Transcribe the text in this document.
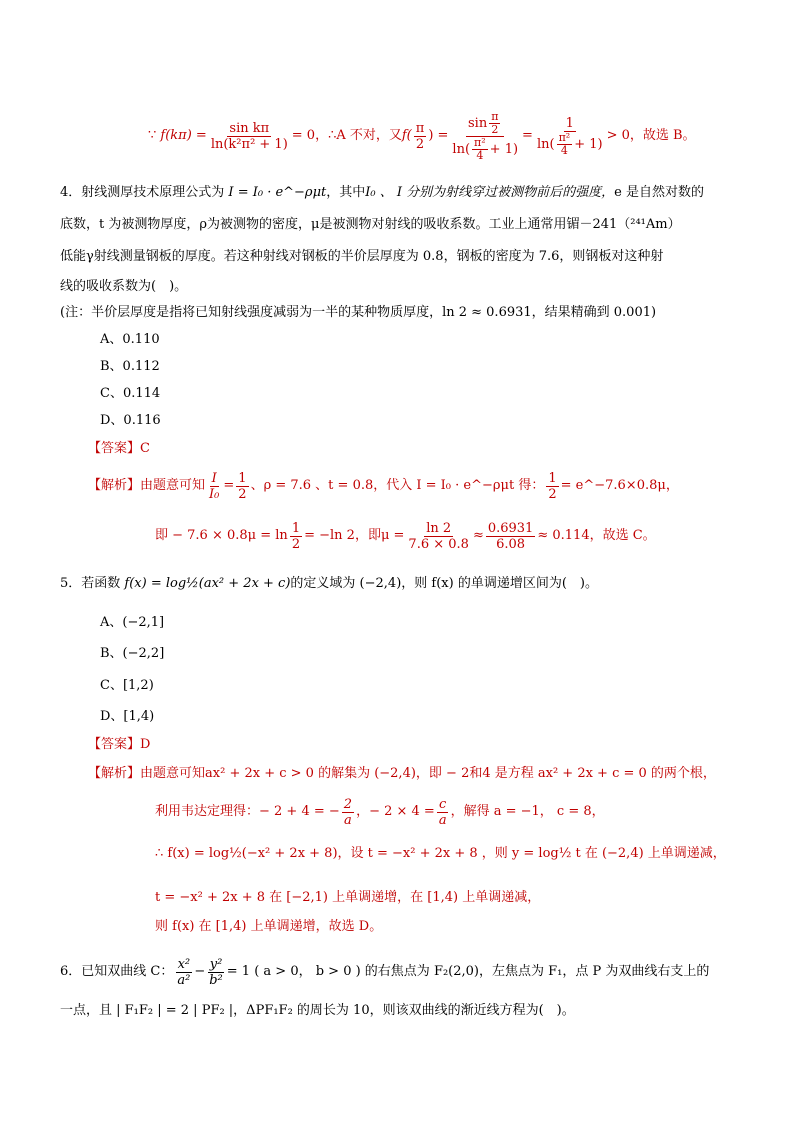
∵
$f(k\pi) = \frac{\text{sin kπ}}{\text{ln(k²π² + 1)}} = 0$， ∴A 不对，又 $f( \frac{\pi}{2}$ ) = $\frac{\sin \frac{\pi}{2}}{\ln( \frac{\text{π²}}{4} + 1)} = \frac{1}{\ln( \frac{\text{π²}}{4} + 1)} > 0$，故选 B。
4．射线测厚技术原理公式为 I = I₀ · e^−ρμt，其中I₀ 、 I 分别为射线穿过被测物前后的强度，e 是自然对数的
底数，t 为被测物厚度，ρ为被测物的密度，μ是被测物对射线的吸收系数。工业上通常用镅－241（²⁴¹Am）
低能γ射线测量钢板的厚度。若这种射线对钢板的半价层厚度为 0.8，钢板的密度为 7.6，则钢板对这种射
线的吸收系数为(　)。
(注：半价层厚度是指将已知射线强度减弱为一半的某种物质厚度，ln 2 ≈ 0.6931，结果精确到 0.001)
A、0.110
B、0.112
C、0.114
D、0.116
【答案】C
【解析】 由题意可知 $\frac{I}{\text{I₀}} = \frac{1}{2}$ 、ρ = 7.6 、t = 0.8，代入 I = I₀ · e^−ρμt 得： $\frac{1}{2}$ = e^−7.6×0.8μ，
即 − $7.6 \times 0.8\mu = \ln \frac{1}{2} = -\ln$ 2，即$\mu = \frac{\ln 2}{7.6 \times 0.8} \approx \frac{0.6931}{6.08} \approx 0.114$，故选 C。
5．若函数 f(x) = log½(ax² + 2x + c)的定义域为 (−2,4)，则 f(x) 的单调递增区间为(　)。
A、(−2,1]
B、(−2,2]
C、[1,2)
D、[1,4)
【答案】D
【解析】由题意可知ax² + 2x + c > 0 的解集为 (−2,4)，即 − 2和4 是方程 ax² + 2x + c = 0 的两个根，
利用韦达定理得：− 2 + 4 = − $\frac{2}{a}$ ，− $2 \times 4 = \frac{c}{a}$ ，解得 a = −1， c = 8，
∴ f(x) = log½(−x² + 2x + 8)，设 t = −x² + 2x + 8 ，则 y = log½ t 在 (−2,4) 上单调递减，
t = −x² + 2x + 8 在 [−2,1) 上单调递增，在 [1,4) 上单调递减，
则 f(x) 在 [1,4) 上单调递增，故选 D。
6．已知双曲线 C： $\frac{\text{x²}}{\text{a²}} - \frac{\text{y²}}{\text{b²}} = 1$ ( a > 0， b > 0 ) 的右焦点为 F₂(2,0)，左焦点为 F₁，点 P 为双曲线右支上的
一点，且 | F₁F₂ | = 2 | PF₂ |，ΔPF₁F₂ 的周长为 10，则该双曲线的渐近线方程为(　)。
